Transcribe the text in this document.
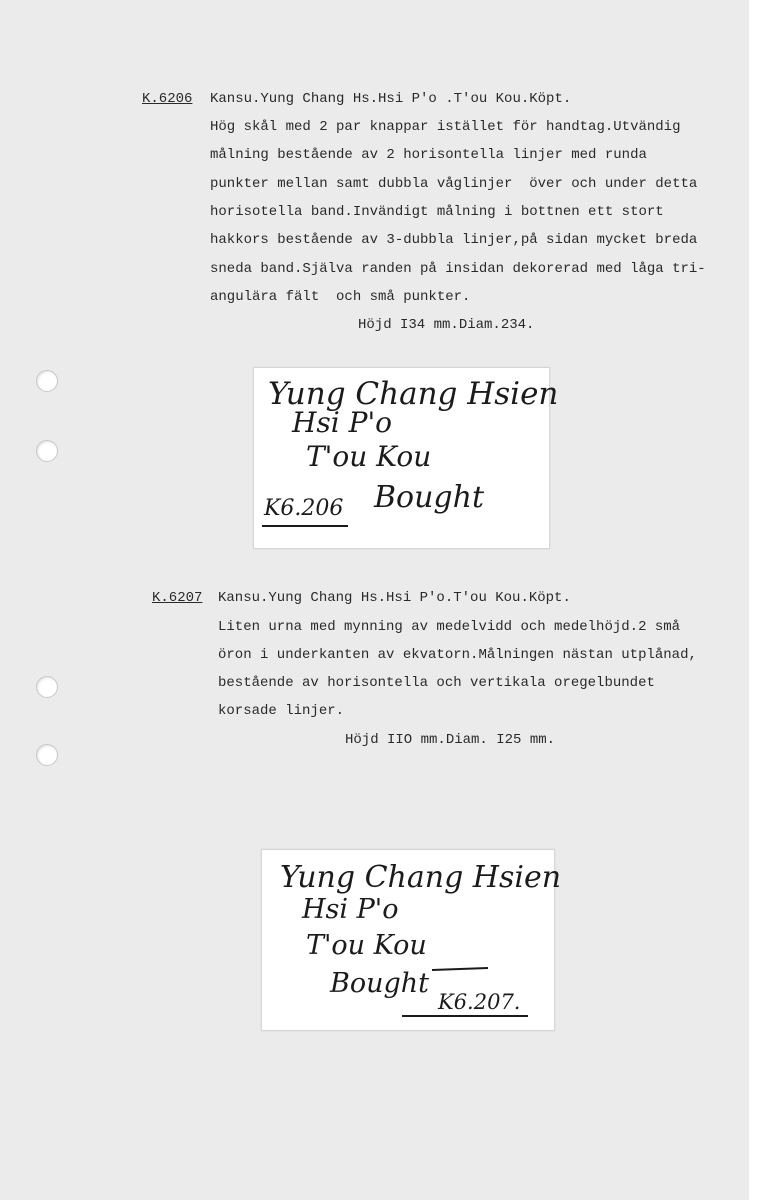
K.6206 Kansu.Yung Chang Hs.Hsi P'o .T'ou Kou.Köpt.
Hög skål med 2 par knappar istället för handtag.Utvändig
målning bestående av 2 horisontella linjer med runda
punkter mellan samt dubbla våglinjer  över och under detta
horisotella band.Invändigt målning i bottnen ett stort
hakkors bestående av 3-dubbla linjer,på sidan mycket breda
sneda band.Själva randen på insidan dekorerad med låga tri-
angulära fält  och små punkter.
Höjd I34 mm.Diam.234.
Yung Chang Hsien
Hsi P'o
T'ou Kou
K6.206 Bought
K.6207 Kansu.Yung Chang Hs.Hsi P'o.T'ou Kou.Köpt.
Liten urna med mynning av medelvidd och medelhöjd.2 små
öron i underkanten av ekvatorn.Målningen nästan utplånad,
bestående av horisontella och vertikala oregelbundet
korsade linjer.
Höjd IIO mm.Diam. I25 mm.
Yung Chang Hsien
Hsi P'o
T'ou Kou
Bought
K6.207.
